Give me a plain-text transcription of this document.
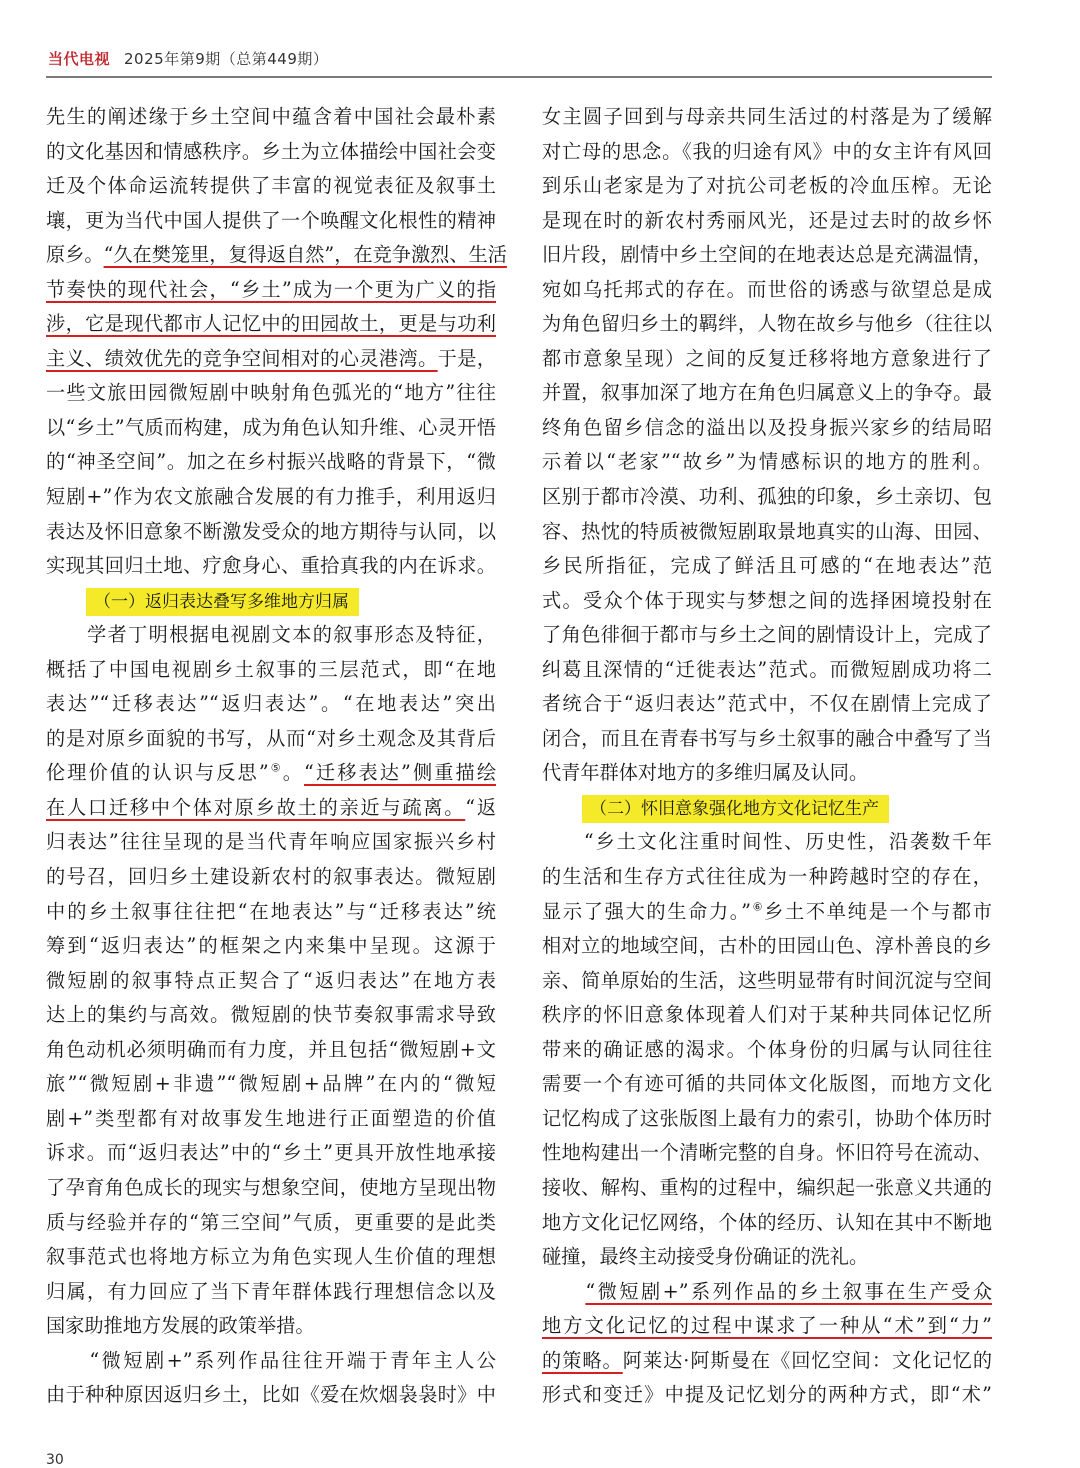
当代电视 2025年第9期（总第449期）
先生的阐述缘于乡土空间中蕴含着中国社会最朴素
的文化基因和情感秩序。乡土为立体描绘中国社会变
迁及个体命运流转提供了丰富的视觉表征及叙事土
壤，更为当代中国人提供了一个唤醒文化根性的精神
原乡。“久在樊笼里，复得返自然”，在竞争激烈、生活
节奏快的现代社会，“乡土”成为一个更为广义的指
涉，它是现代都市人记忆中的田园故土，更是与功利
主义、绩效优先的竞争空间相对的心灵港湾。于是，
一些文旅田园微短剧中映射角色弧光的“地方”往往
以“乡土”气质而构建，成为角色认知升维、心灵开悟
的“神圣空间”。加之在乡村振兴战略的背景下，“微
短剧+”作为农文旅融合发展的有力推手，利用返归
表达及怀旧意象不断激发受众的地方期待与认同，以
实现其回归土地、疗愈身心、重拾真我的内在诉求。
（一）返归表达叠写多维地方归属
　　学者丁明根据电视剧文本的叙事形态及特征，
概括了中国电视剧乡土叙事的三层范式，即“在地
表达”“迁移表达”“返归表达”。“在地表达”突出
的是对原乡面貌的书写，从而“对乡土观念及其背后
伦理价值的认识与反思”⑤。“迁移表达”侧重描绘
在人口迁移中个体对原乡故土的亲近与疏离。“返
归表达”往往呈现的是当代青年响应国家振兴乡村
的号召，回归乡土建设新农村的叙事表达。微短剧
中的乡土叙事往往把“在地表达”与“迁移表达”统
筹到“返归表达”的框架之内来集中呈现。这源于
微短剧的叙事特点正契合了“返归表达”在地方表
达上的集约与高效。微短剧的快节奏叙事需求导致
角色动机必须明确而有力度，并且包括“微短剧+文
旅”“微短剧+非遗”“微短剧+品牌”在内的“微短
剧+”类型都有对故事发生地进行正面塑造的价值
诉求。而“返归表达”中的“乡土”更具开放性地承接
了孕育角色成长的现实与想象空间，使地方呈现出物
质与经验并存的“第三空间”气质，更重要的是此类
叙事范式也将地方标立为角色实现人生价值的理想
归属，有力回应了当下青年群体践行理想信念以及
国家助推地方发展的政策举措。
　　“微短剧+”系列作品往往开端于青年主人公
由于种种原因返归乡土，比如《爱在炊烟袅袅时》中
女主圆子回到与母亲共同生活过的村落是为了缓解
对亡母的思念。《我的归途有风》中的女主许有风回
到乐山老家是为了对抗公司老板的冷血压榨。无论
是现在时的新农村秀丽风光，还是过去时的故乡怀
旧片段，剧情中乡土空间的在地表达总是充满温情，
宛如乌托邦式的存在。而世俗的诱惑与欲望总是成
为角色留归乡土的羁绊，人物在故乡与他乡（往往以
都市意象呈现）之间的反复迁移将地方意象进行了
并置，叙事加深了地方在角色归属意义上的争夺。最
终角色留乡信念的溢出以及投身振兴家乡的结局昭
示着以“老家”“故乡”为情感标识的地方的胜利。
区别于都市冷漠、功利、孤独的印象，乡土亲切、包
容、热忱的特质被微短剧取景地真实的山海、田园、
乡民所指征，完成了鲜活且可感的“在地表达”范
式。受众个体于现实与梦想之间的选择困境投射在
了角色徘徊于都市与乡土之间的剧情设计上，完成了
纠葛且深情的“迁徙表达”范式。而微短剧成功将二
者统合于“返归表达”范式中，不仅在剧情上完成了
闭合，而且在青春书写与乡土叙事的融合中叠写了当
代青年群体对地方的多维归属及认同。
（二）怀旧意象强化地方文化记忆生产
　　“乡土文化注重时间性、历史性，沿袭数千年
的生活和生存方式往往成为一种跨越时空的存在，
显示了强大的生命力。”⑥乡土不单纯是一个与都市
相对立的地域空间，古朴的田园山色、淳朴善良的乡
亲、简单原始的生活，这些明显带有时间沉淀与空间
秩序的怀旧意象体现着人们对于某种共同体记忆所
带来的确证感的渴求。个体身份的归属与认同往往
需要一个有迹可循的共同体文化版图，而地方文化
记忆构成了这张版图上最有力的索引，协助个体历时
性地构建出一个清晰完整的自身。怀旧符号在流动、
接收、解构、重构的过程中，编织起一张意义共通的
地方文化记忆网络，个体的经历、认知在其中不断地
碰撞，最终主动接受身份确证的洗礼。
　　“微短剧+”系列作品的乡土叙事在生产受众
地方文化记忆的过程中谋求了一种从“术”到“力”
的策略。阿莱达·阿斯曼在《回忆空间：文化记忆的
形式和变迁》中提及记忆划分的两种方式，即“术”
30
